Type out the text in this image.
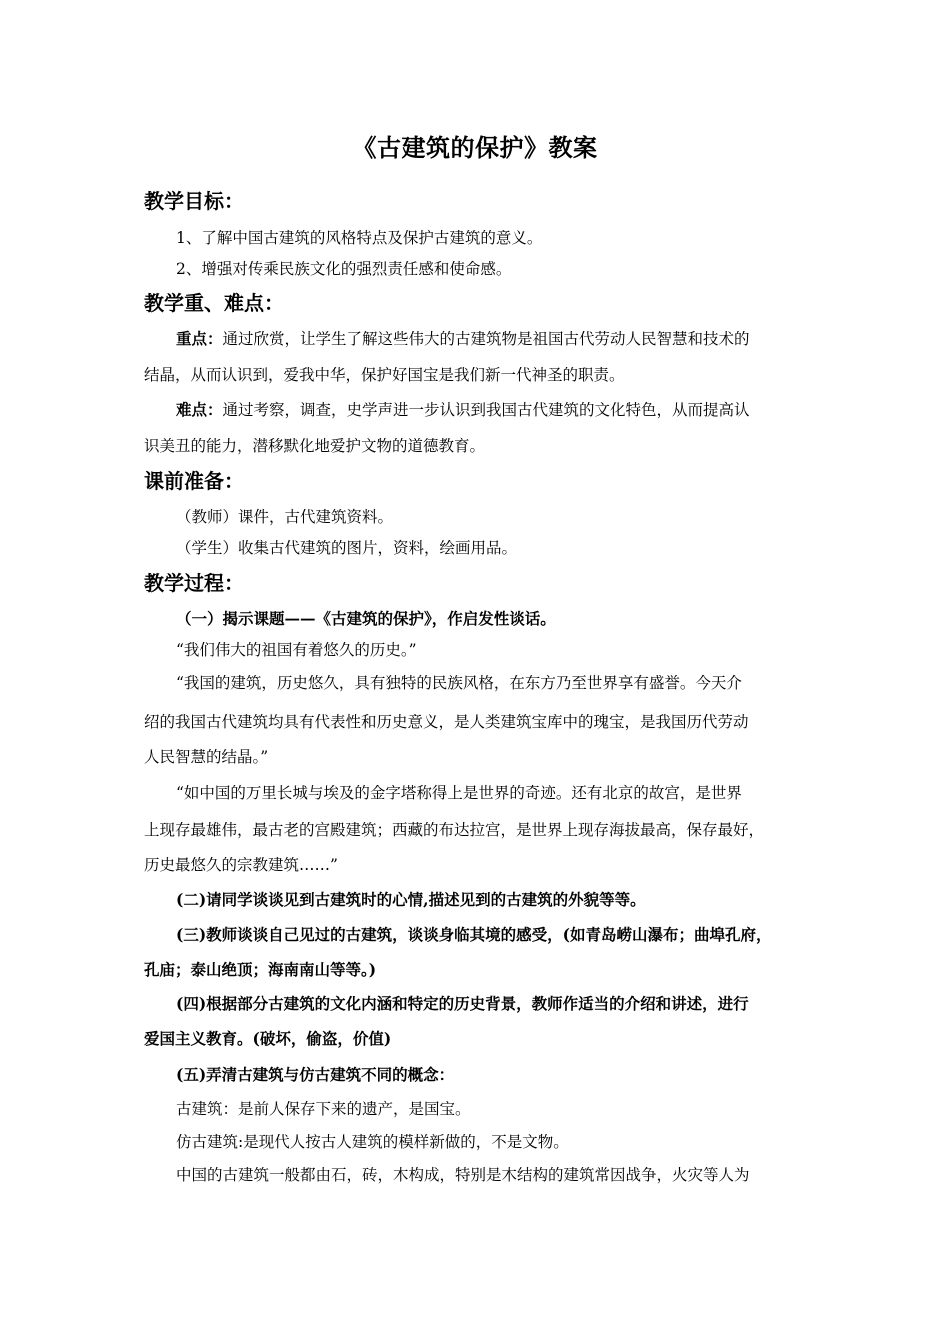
《古建筑的保护》教案
教学目标：
1、了解中国古建筑的风格特点及保护古建筑的意义。
2、增强对传乘民族文化的强烈责任感和使命感。
教学重、难点：
重点：通过欣赏，让学生了解这些伟大的古建筑物是祖国古代劳动人民智慧和技术的
结晶，从而认识到，爱我中华，保护好国宝是我们新一代神圣的职责。
难点：通过考察，调查，史学声进一步认识到我国古代建筑的文化特色，从而提高认
识美丑的能力，潜移默化地爱护文物的道德教育。
课前准备：
（教师）课件，古代建筑资料。
（学生）收集古代建筑的图片，资料，绘画用品。
教学过程：
（一）揭示课题——《古建筑的保护》，作启发性谈话。
“我们伟大的祖国有着悠久的历史。”
“我国的建筑，历史悠久，具有独特的民族风格，在东方乃至世界享有盛誉。今天介
绍的我国古代建筑均具有代表性和历史意义，是人类建筑宝库中的瑰宝，是我国历代劳动
人民智慧的结晶。”
“如中国的万里长城与埃及的金字塔称得上是世界的奇迹。还有北京的故宫，是世界
上现存最雄伟，最古老的宫殿建筑；西藏的布达拉宫，是世界上现存海拔最高，保存最好，
历史最悠久的宗教建筑……”
(二)请同学谈谈见到古建筑时的心情,描述见到的古建筑的外貌等等。
(三)教师谈谈自己见过的古建筑，谈谈身临其境的感受，(如青岛崂山瀑布；曲埠孔府，
孔庙；泰山绝顶；海南南山等等。)
(四)根据部分古建筑的文化内涵和特定的历史背景，教师作适当的介绍和讲述，进行
爱国主义教育。(破坏，偷盗，价值)
(五)弄清古建筑与仿古建筑不同的概念：
古建筑：是前人保存下来的遗产，是国宝。
仿古建筑:是现代人按古人建筑的模样新做的，不是文物。
中国的古建筑一般都由石，砖，木构成，特别是木结构的建筑常因战争，火灾等人为
